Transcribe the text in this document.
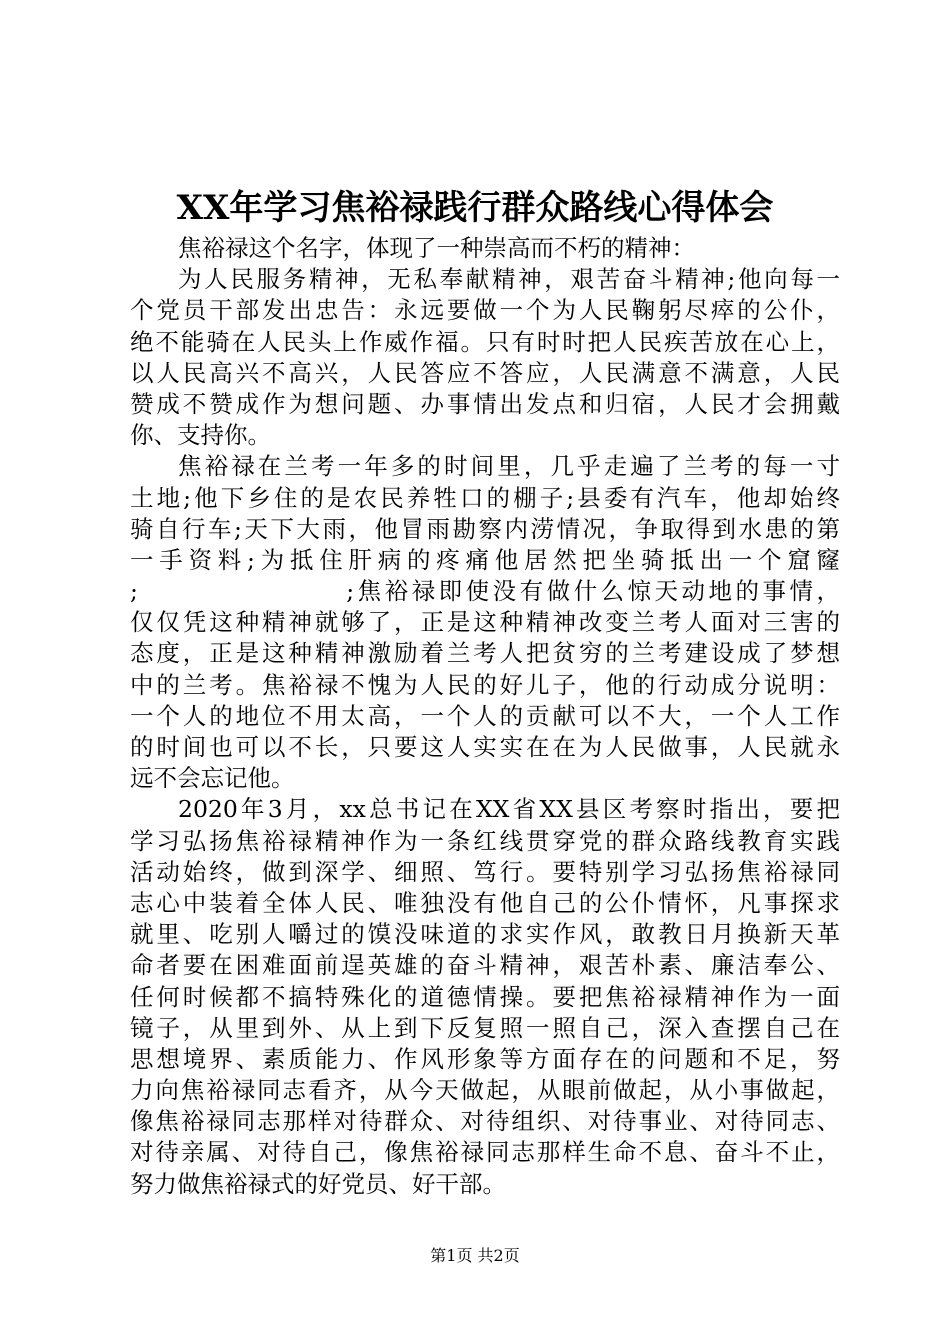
XX年学习焦裕禄践行群众路线心得体会
焦裕禄这个名字，体现了一种崇高而不朽的精神：
为人民服务精神，无私奉献精神，艰苦奋斗精神;他向每一
个党员干部发出忠告：永远要做一个为人民鞠躬尽瘁的公仆，
绝不能骑在人民头上作威作福。只有时时把人民疾苦放在心上，
以人民高兴不高兴，人民答应不答应，人民满意不满意，人民
赞成不赞成作为想问题、办事情出发点和归宿，人民才会拥戴
你、支持你。
焦裕禄在兰考一年多的时间里，几乎走遍了兰考的每一寸
土地;他下乡住的是农民养牲口的棚子;县委有汽车，他却始终
骑自行车;天下大雨，他冒雨勘察内涝情况，争取得到水患的第
一手资料;为抵住肝病的疼痛他居然把坐骑抵出一个窟窿
;                   ;焦裕禄即使没有做什么惊天动地的事情，
仅仅凭这种精神就够了，正是这种精神改变兰考人面对三害的
态度，正是这种精神激励着兰考人把贫穷的兰考建设成了梦想
中的兰考。焦裕禄不愧为人民的好儿子，他的行动成分说明：
一个人的地位不用太高，一个人的贡献可以不大，一个人工作
的时间也可以不长，只要这人实实在在为人民做事，人民就永
远不会忘记他。
2020年3月，xx总书记在XX省XX县区考察时指出，要把
学习弘扬焦裕禄精神作为一条红线贯穿党的群众路线教育实践
活动始终，做到深学、细照、笃行。要特别学习弘扬焦裕禄同
志心中装着全体人民、唯独没有他自己的公仆情怀，凡事探求
就里、吃别人嚼过的馍没味道的求实作风，敢教日月换新天革
命者要在困难面前逞英雄的奋斗精神，艰苦朴素、廉洁奉公、
任何时候都不搞特殊化的道德情操。要把焦裕禄精神作为一面
镜子，从里到外、从上到下反复照一照自己，深入查摆自己在
思想境界、素质能力、作风形象等方面存在的问题和不足，努
力向焦裕禄同志看齐，从今天做起，从眼前做起，从小事做起，
像焦裕禄同志那样对待群众、对待组织、对待事业、对待同志、
对待亲属、对待自己，像焦裕禄同志那样生命不息、奋斗不止，
努力做焦裕禄式的好党员、好干部。
第1页 共2页
